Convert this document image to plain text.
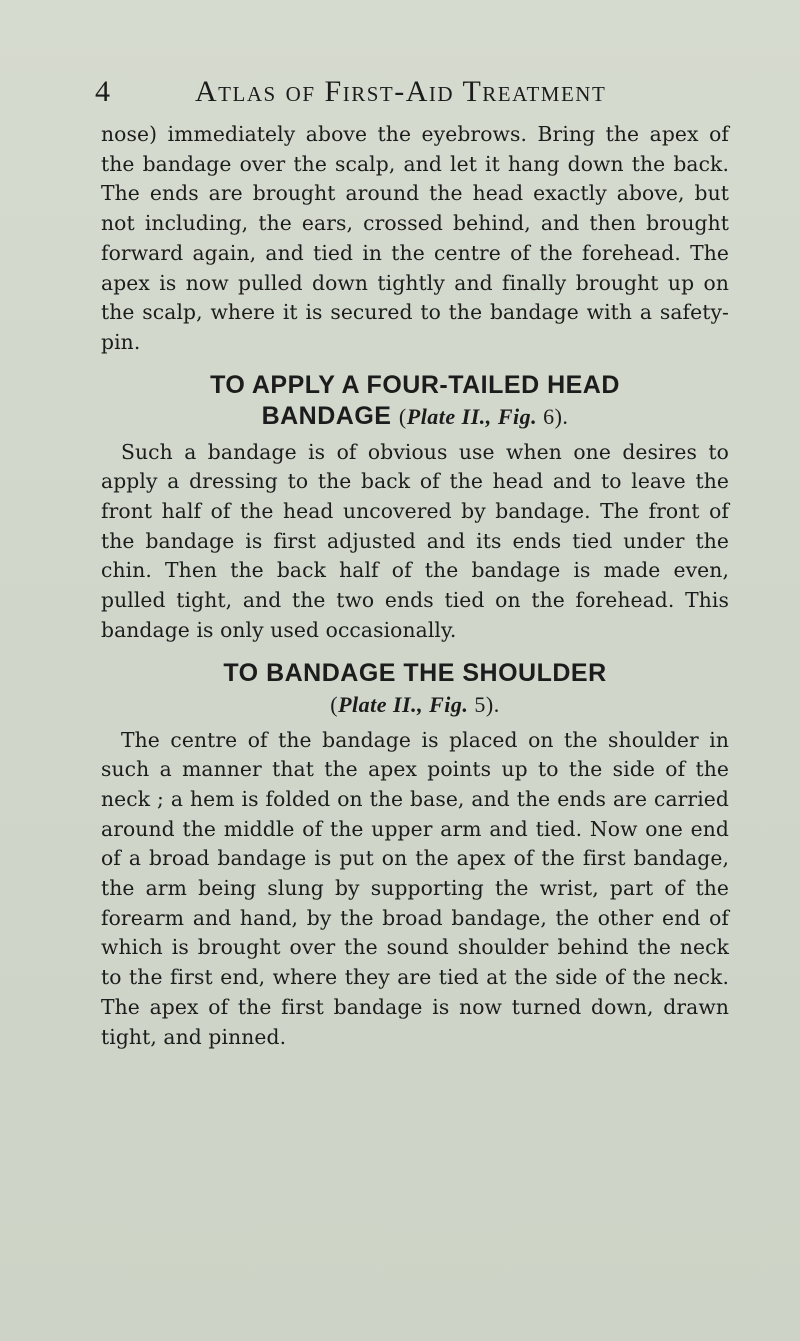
4	Atlas of First-Aid Treatment

nose) immediately above the eyebrows. Bring the apex of the bandage over the scalp, and let it hang down the back. The ends are brought around the head exactly above, but not including, the ears, crossed behind, and then brought forward again, and tied in the centre of the forehead. The apex is now pulled down tightly and finally brought up on the scalp, where it is secured to the bandage with a safety-pin.

TO APPLY A FOUR-TAILED HEAD
BANDAGE (Plate II., Fig. 6).

Such a bandage is of obvious use when one desires to apply a dressing to the back of the head and to leave the front half of the head uncovered by bandage. The front of the bandage is first adjusted and its ends tied under the chin. Then the back half of the bandage is made even, pulled tight, and the two ends tied on the forehead. This bandage is only used occasionally.

TO BANDAGE THE SHOULDER
(Plate II., Fig. 5).

The centre of the bandage is placed on the shoulder in such a manner that the apex points up to the side of the neck ; a hem is folded on the base, and the ends are carried around the middle of the upper arm and tied. Now one end of a broad bandage is put on the apex of the first bandage, the arm being slung by supporting the wrist, part of the forearm and hand, by the broad bandage, the other end of which is brought over the sound shoulder behind the neck to the first end, where they are tied at the side of the neck. The apex of the first bandage is now turned down, drawn tight, and pinned.
